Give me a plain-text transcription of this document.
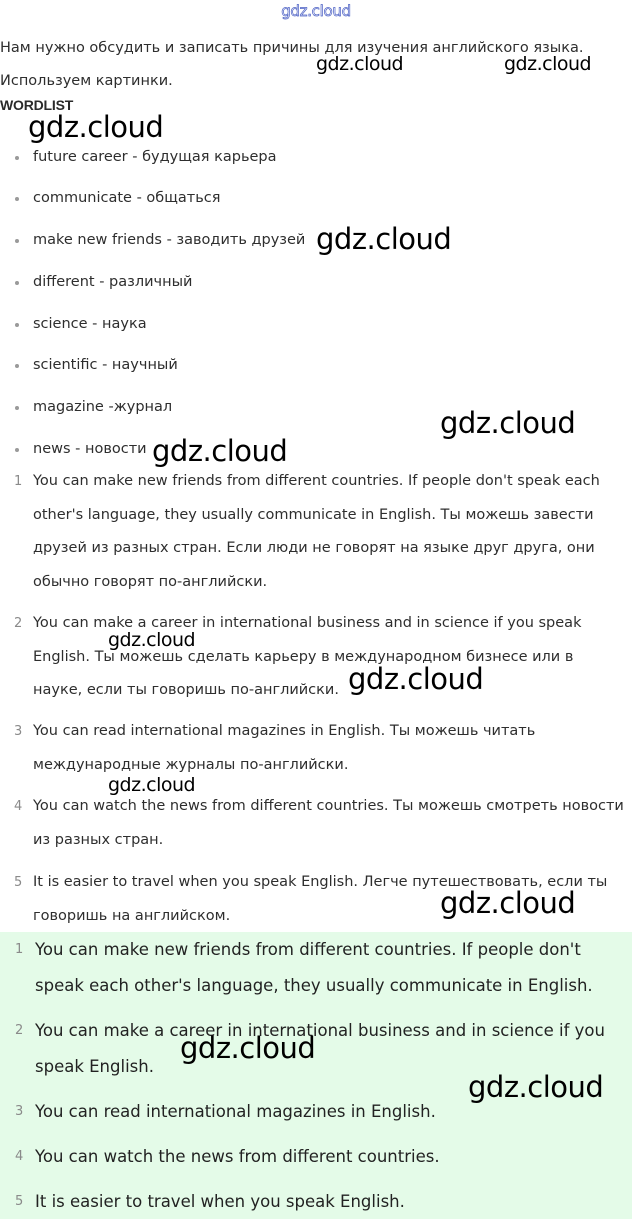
gdz.cloud
Нам нужно обсудить и записать причины для изучения английского языка. Используем картинки.
WORDLIST
future career - будущая карьера
communicate - общаться
make new friends - заводить друзей
different - различный
science - наука
scientific - научный
magazine -журнал
news - новости
1 You can make new friends from different countries. If people don't speak each other's language, they usually communicate in English. Ты можешь завести друзей из разных стран. Если люди не говорят на языке друг друга, они обычно говорят по-английски.
2 You can make a career in international business and in science if you speak English. Ты можешь сделать карьеру в международном бизнесе или в науке, если ты говоришь по-английски.
3 You can read international magazines in English. Ты можешь читать международные журналы по-английски.
4 You can watch the news from different countries. Ты можешь смотреть новости из разных стран.
5 It is easier to travel when you speak English. Легче путешествовать, если ты говоришь на английском.
1 You can make new friends from different countries. If people don't speak each other's language, they usually communicate in English.
2 You can make a career in international business and in science if you speak English.
3 You can read international magazines in English.
4 You can watch the news from different countries.
5 It is easier to travel when you speak English.
gdz.cloud	gdz.cloud
gdz.cloud
gdz.cloud
gdz.cloud
gdz.cloud
gdz.cloud
gdz.cloud
gdz.cloud
gdz.cloud
gdz.cloud
gdz.cloud
